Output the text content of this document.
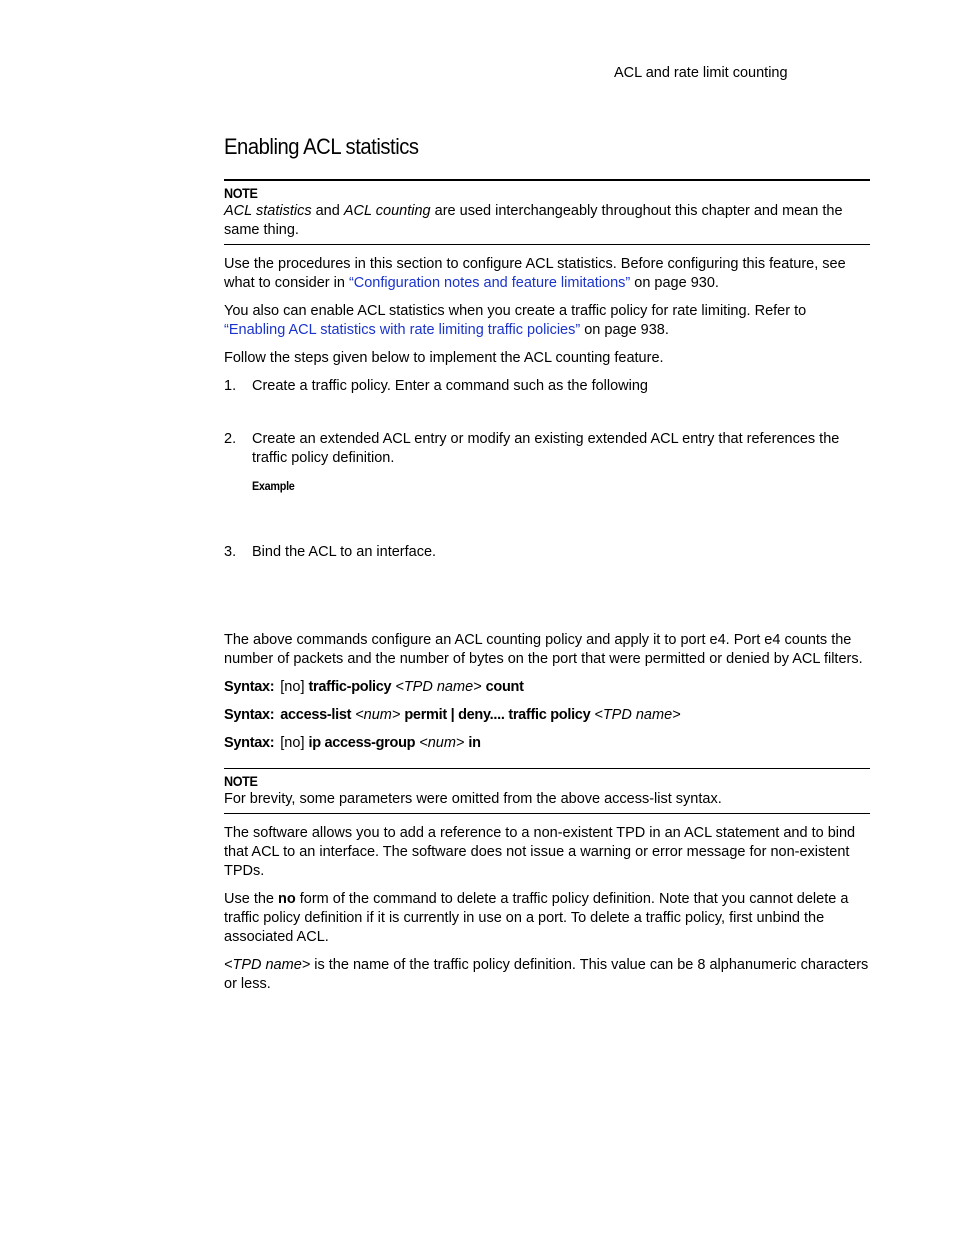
ACL and rate limit counting
Enabling ACL statistics
NOTE

ACL statistics and ACL counting are used interchangeably throughout this chapter and mean the same thing.

Use the procedures in this section to configure ACL statistics. Before configuring this feature, see what to consider in “Configuration notes and feature limitations” on page 930.

You also can enable ACL statistics when you create a traffic policy for rate limiting. Refer to “Enabling ACL statistics with rate limiting traffic policies” on page 938.

Follow the steps given below to implement the ACL counting feature.

1. Create a traffic policy. Enter a command such as the following
2. Create an extended ACL entry or modify an existing extended ACL entry that references the traffic policy definition.
Example
3. Bind the ACL to an interface.

The above commands configure an ACL counting policy and apply it to port e4. Port e4 counts the number of packets and the number of bytes on the port that were permitted or denied by ACL filters.

Syntax: [no] traffic-policy <TPD name> count

Syntax: access-list <num> permit | deny.... traffic policy <TPD name>

Syntax: [no] ip access-group <num> in

NOTE

For brevity, some parameters were omitted from the above access-list syntax.

The software allows you to add a reference to a non-existent TPD in an ACL statement and to bind that ACL to an interface. The software does not issue a warning or error message for non-existent TPDs.

Use the no form of the command to delete a traffic policy definition. Note that you cannot delete a traffic policy definition if it is currently in use on a port. To delete a traffic policy, first unbind the associated ACL.

<TPD name> is the name of the traffic policy definition. This value can be 8 alphanumeric characters or less.
